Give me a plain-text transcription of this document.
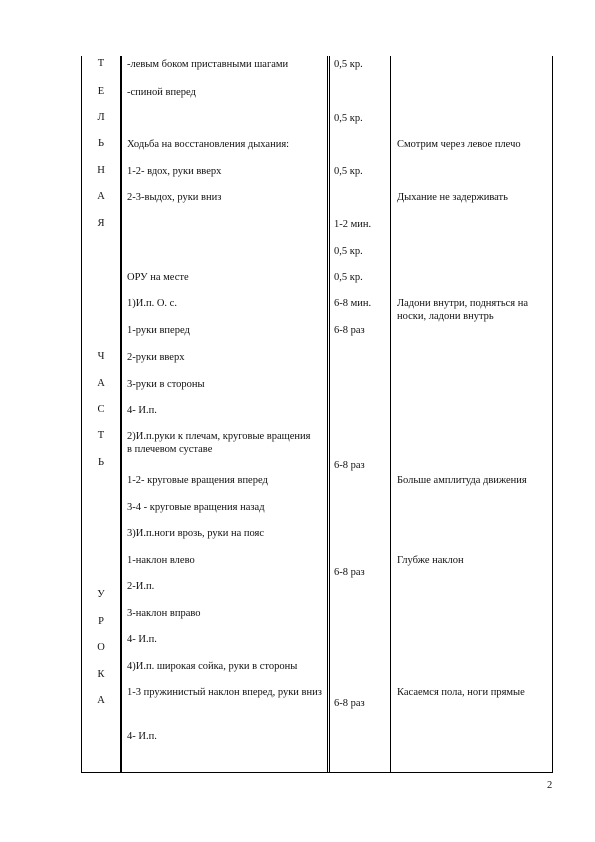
Т
Е
Л
Ь
Н
А
Я
Ч
А
С
Т
Ь
У
Р
О
К
А
-левым боком приставными шагами
-спиной вперед
Ходьба на восстановления дыхания:
1-2- вдох, руки вверх
2-3-выдох, руки вниз
ОРУ на месте
1)И.п. О. с.
1-руки вперед
2-руки вверх
3-руки в стороны
4- И.п.
2)И.п.руки к плечам, круговые вращения в плечевом суставе
1-2- круговые вращения вперед
3-4 - круговые вращения назад
3)И.п.ноги врозь, руки на пояс
1-наклон влево
2-И.п.
3-наклон вправо
4- И.п.
4)И.п. широкая сойка, руки в стороны
1-3 пружинистый наклон вперед, руки вниз
4- И.п.
0,5 кр.
0,5 кр.
0,5 кр.
1-2 мин.
0,5 кр.
0,5 кр.
6-8 мин.
6-8 раз
6-8 раз
6-8 раз
6-8 раз
Смотрим через левое плечо
Дыхание не задерживать
Ладони внутри, подняться на носки, ладони внутрь
Больше амплитуда движения
Глубже наклон
Касаемся пола, ноги прямые
2
